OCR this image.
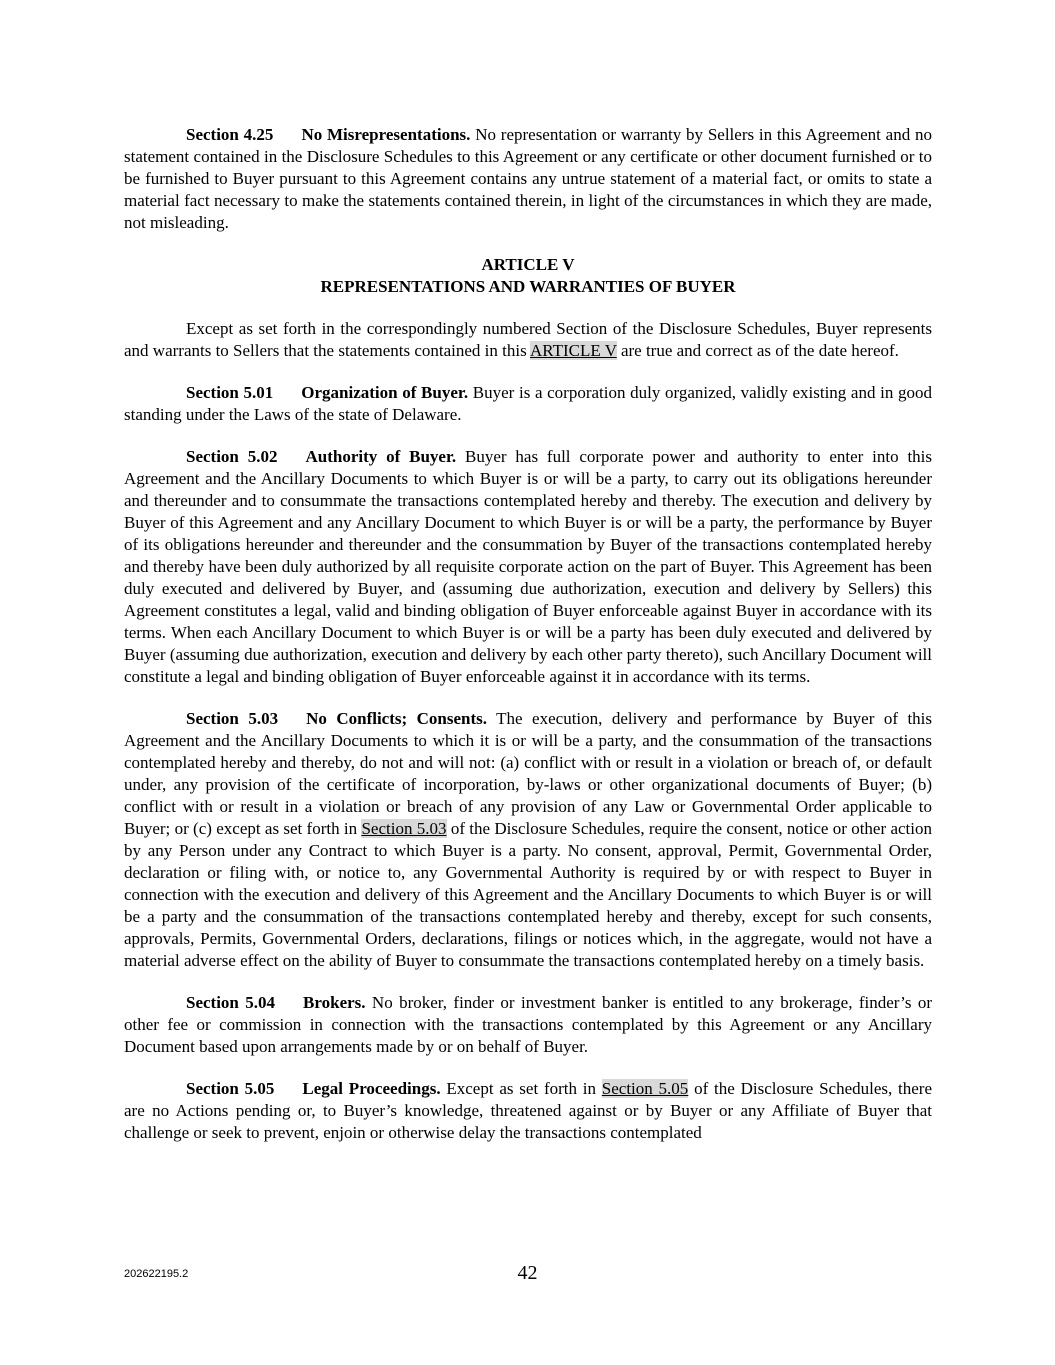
Section 4.25 No Misrepresentations. No representation or warranty by Sellers in this Agreement and no statement contained in the Disclosure Schedules to this Agreement or any certificate or other document furnished or to be furnished to Buyer pursuant to this Agreement contains any untrue statement of a material fact, or omits to state a material fact necessary to make the statements contained therein, in light of the circumstances in which they are made, not misleading.

ARTICLE V
REPRESENTATIONS AND WARRANTIES OF BUYER

Except as set forth in the correspondingly numbered Section of the Disclosure Schedules, Buyer represents and warrants to Sellers that the statements contained in this ARTICLE V are true and correct as of the date hereof.

Section 5.01 Organization of Buyer. Buyer is a corporation duly organized, validly existing and in good standing under the Laws of the state of Delaware.

Section 5.02 Authority of Buyer. Buyer has full corporate power and authority to enter into this Agreement and the Ancillary Documents to which Buyer is or will be a party, to carry out its obligations hereunder and thereunder and to consummate the transactions contemplated hereby and thereby. The execution and delivery by Buyer of this Agreement and any Ancillary Document to which Buyer is or will be a party, the performance by Buyer of its obligations hereunder and thereunder and the consummation by Buyer of the transactions contemplated hereby and thereby have been duly authorized by all requisite corporate action on the part of Buyer. This Agreement has been duly executed and delivered by Buyer, and (assuming due authorization, execution and delivery by Sellers) this Agreement constitutes a legal, valid and binding obligation of Buyer enforceable against Buyer in accordance with its terms. When each Ancillary Document to which Buyer is or will be a party has been duly executed and delivered by Buyer (assuming due authorization, execution and delivery by each other party thereto), such Ancillary Document will constitute a legal and binding obligation of Buyer enforceable against it in accordance with its terms.

Section 5.03 No Conflicts; Consents. The execution, delivery and performance by Buyer of this Agreement and the Ancillary Documents to which it is or will be a party, and the consummation of the transactions contemplated hereby and thereby, do not and will not: (a) conflict with or result in a violation or breach of, or default under, any provision of the certificate of incorporation, by-laws or other organizational documents of Buyer; (b) conflict with or result in a violation or breach of any provision of any Law or Governmental Order applicable to Buyer; or (c) except as set forth in Section 5.03 of the Disclosure Schedules, require the consent, notice or other action by any Person under any Contract to which Buyer is a party. No consent, approval, Permit, Governmental Order, declaration or filing with, or notice to, any Governmental Authority is required by or with respect to Buyer in connection with the execution and delivery of this Agreement and the Ancillary Documents to which Buyer is or will be a party and the consummation of the transactions contemplated hereby and thereby, except for such consents, approvals, Permits, Governmental Orders, declarations, filings or notices which, in the aggregate, would not have a material adverse effect on the ability of Buyer to consummate the transactions contemplated hereby on a timely basis.

Section 5.04 Brokers. No broker, finder or investment banker is entitled to any brokerage, finder’s or other fee or commission in connection with the transactions contemplated by this Agreement or any Ancillary Document based upon arrangements made by or on behalf of Buyer.

Section 5.05 Legal Proceedings. Except as set forth in Section 5.05 of the Disclosure Schedules, there are no Actions pending or, to Buyer’s knowledge, threatened against or by Buyer or any Affiliate of Buyer that challenge or seek to prevent, enjoin or otherwise delay the transactions contemplated

202622195.2	42
